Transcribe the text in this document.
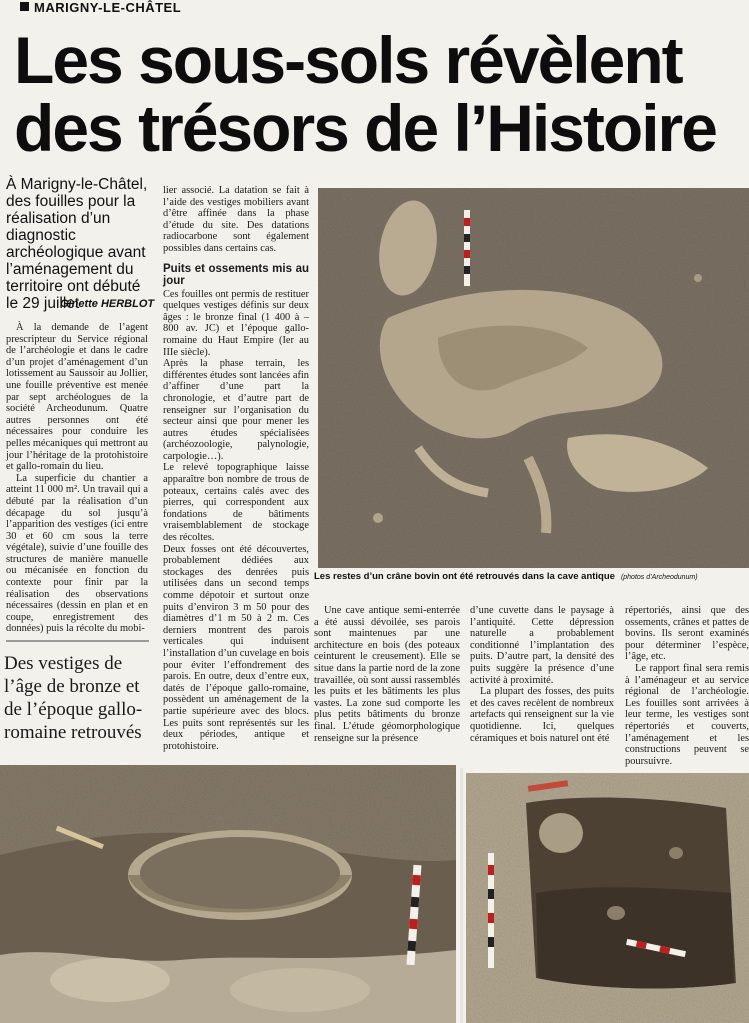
MARIGNY-LE-CHÂTEL
Les sous-sols révèlent
des trésors de l’Histoire
À Marigny-le-Châtel, des fouilles pour la réalisation d’un diagnostic archéologique avant l’aménagement du territoire ont débuté le 29 juillet
Ginette HERBLOT

À la demande de l’agent prescripteur du Service régional de l’archéologie et dans le cadre d’un projet d’aménagement d’un lotissement au Saussoir au Jollier, une fouille préventive est menée par sept archéologues de la société Archeodunum. Quatre autres personnes ont été nécessaires pour conduire les pelles mécaniques qui mettront au jour l’héritage de la protohistoire et gallo-romain du lieu.

La superficie du chantier a atteint 11 000 m². Un travail qui a débuté par la réalisation d’un décapage du sol jusqu’à l’apparition des vestiges (ici entre 30 et 60 cm sous la terre végétale), suivie d’une fouille des structures de manière manuelle ou mécanisée en fonction du contexte pour finir par la réalisation des observations nécessaires (dessin en plan et en coupe, enregistrement des données) puis la récolte du mobi-

Des vestiges de l’âge de bronze et de l’époque gallo-romaine retrouvés

lier associé. La datation se fait à l’aide des vestiges mobiliers avant d’être affinée dans la phase d’étude du site. Des datations radiocarbone sont également possibles dans certains cas.

Puits et ossements mis au jour

Ces fouilles ont permis de restituer quelques vestiges définis sur deux âges : le bronze final (1 400 à – 800 av. JC) et l’époque gallo-romaine du Haut Empire (Ier au IIIe siècle).

Après la phase terrain, les différentes études sont lancées afin d’affiner d’une part la chronologie, et d’autre part de renseigner sur l’organisation du secteur ainsi que pour mener les autres études spécialisées (archéozoologie, palynologie, carpologie…).

Le relevé topographique laisse apparaître bon nombre de trous de poteaux, certains calés avec des pierres, qui correspondent aux fondations de bâtiments vraisemblablement de stockage des récoltes.

Deux fosses ont été découvertes, probablement dédiées aux stockages des denrées puis utilisées dans un second temps comme dépotoir et surtout onze puits d’environ 3 m 50 pour des diamètres d’1 m 50 à 2 m. Ces derniers montrent des parois verticales qui induisent l’installation d’un cuvelage en bois pour éviter l’effondrement des parois. En outre, deux d’entre eux, datés de l’époque gallo-romaine, possèdent un aménagement de la partie supérieure avec des blocs. Les puits sont représentés sur les deux périodes, antique et protohistoire.

Les restes d’un crâne bovin ont été retrouvés dans la cave antique (photos d’Archeodunum)

Une cave antique semi-enterrée a été aussi dévoilée, ses parois sont maintenues par une architecture en bois (des poteaux ceinturent le creusement). Elle se situe dans la partie nord de la zone travaillée, où sont aussi rassemblés les puits et les bâtiments les plus vastes. La zone sud comporte les plus petits bâtiments du bronze final. L’étude géomorphologique renseigne sur la présence

d’une cuvette dans le paysage à l’antiquité. Cette dépression naturelle a probablement conditionné l’implantation des puits. D’autre part, la densité des puits suggère la présence d’une activité à proximité.

La plupart des fosses, des puits et des caves recèlent de nombreux artefacts qui renseignent sur la vie quotidienne. Ici, quelques céramiques et bois naturel ont été

répertoriés, ainsi que des ossements, crânes et pattes de bovins. Ils seront examinés pour déterminer l’espèce, l’âge, etc.

Le rapport final sera remis à l’aménageur et au service régional de l’archéologie. Les fouilles sont arrivées à leur terme, les vestiges sont répertoriés et couverts, l’aménagement et les constructions peuvent se poursuivre.
